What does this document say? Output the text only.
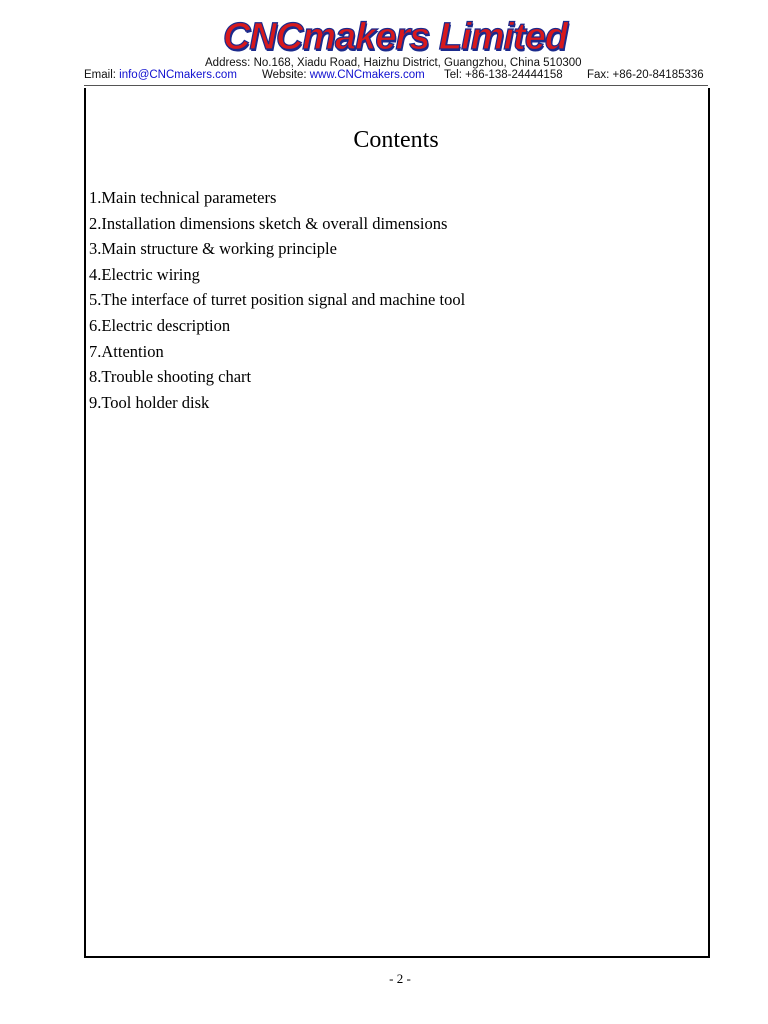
CNCmakers Limited
Address: No.168, Xiadu Road, Haizhu District, Guangzhou, China 510300
Email: info@CNCmakers.com Website: www.CNCmakers.com Tel: +86-138-24444158 Fax: +86-20-84185336
Contents
1.Main technical parameters
2.Installation dimensions sketch & overall dimensions
3.Main structure & working principle
4.Electric wiring
5.The interface of turret position signal and machine tool
6.Electric description
7.Attention
8.Trouble shooting chart
9.Tool holder disk
- 2 -
